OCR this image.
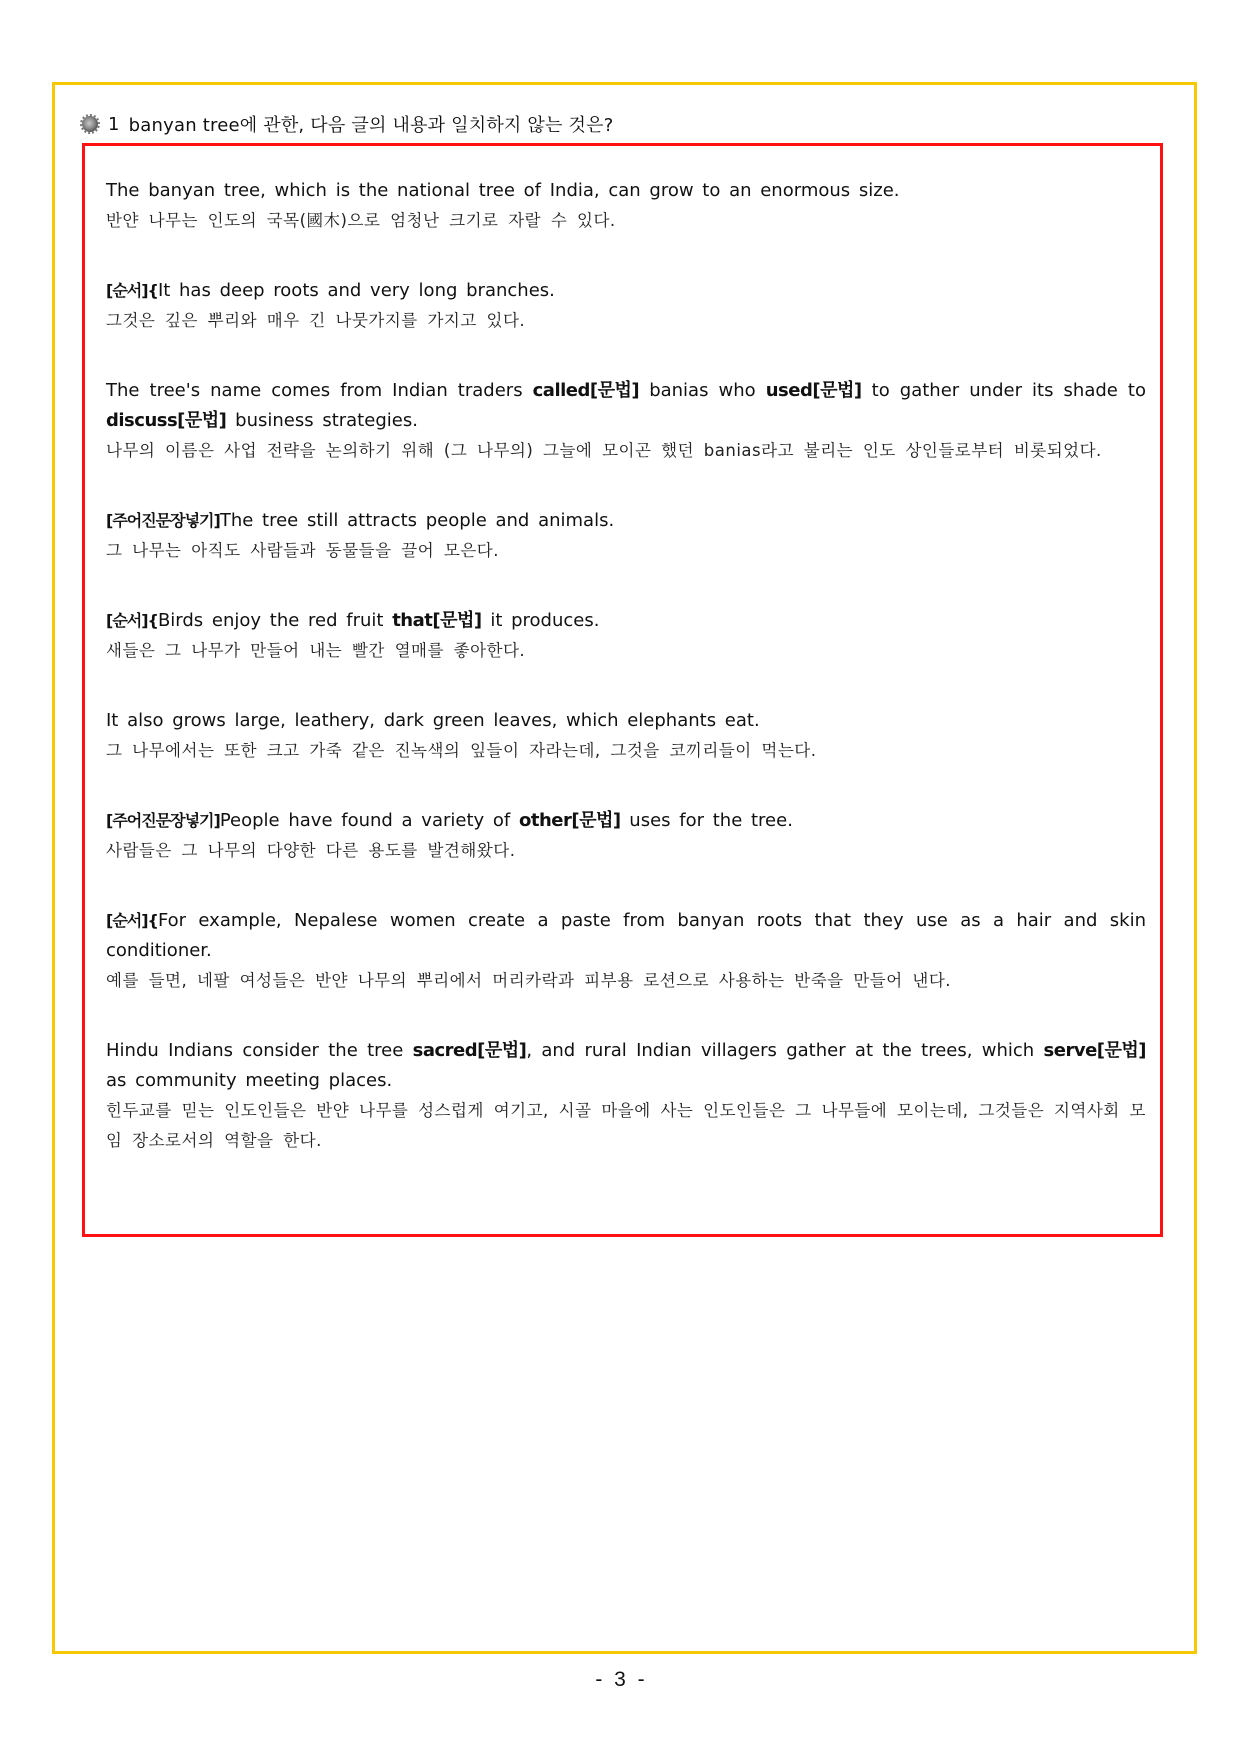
1 banyan tree에 관한, 다음 글의 내용과 일치하지 않는 것은?

The banyan tree, which is the national tree of India, can grow to an enormous size.

반얀 나무는 인도의 국목(國木)으로 엄청난 크기로 자랄 수 있다.

[순서]{It has deep roots and very long branches.

그것은 깊은 뿌리와 매우 긴 나뭇가지를 가지고 있다.

The tree's name comes from Indian traders called[문법] banias who used[문법] to gather under its shade to discuss[문법] business strategies.

나무의 이름은 사업 전략을 논의하기 위해 (그 나무의) 그늘에 모이곤 했던 banias라고 불리는 인도 상인들로부터 비롯되었다.

[주어진문장넣기]The tree still attracts people and animals.

그 나무는 아직도 사람들과 동물들을 끌어 모은다.

[순서]{Birds enjoy the red fruit that[문법] it produces.

새들은 그 나무가 만들어 내는 빨간 열매를 좋아한다.

It also grows large, leathery, dark green leaves, which elephants eat.

그 나무에서는 또한 크고 가죽 같은 진녹색의 잎들이 자라는데, 그것을 코끼리들이 먹는다.

[주어진문장넣기]People have found a variety of other[문법] uses for the tree.

사람들은 그 나무의 다양한 다른 용도를 발견해왔다.

[순서]{For example, Nepalese women create a paste from banyan roots that they use as a hair and skin conditioner.

예를 들면, 네팔 여성들은 반얀 나무의 뿌리에서 머리카락과 피부용 로션으로 사용하는 반죽을 만들어 낸다.

Hindu Indians consider the tree sacred[문법], and rural Indian villagers gather at the trees, which serve[문법] as community meeting places.

힌두교를 믿는 인도인들은 반얀 나무를 성스럽게 여기고, 시골 마을에 사는 인도인들은 그 나무들에 모이는데, 그것들은 지역사회 모임 장소로서의 역할을 한다.

- 3 -
